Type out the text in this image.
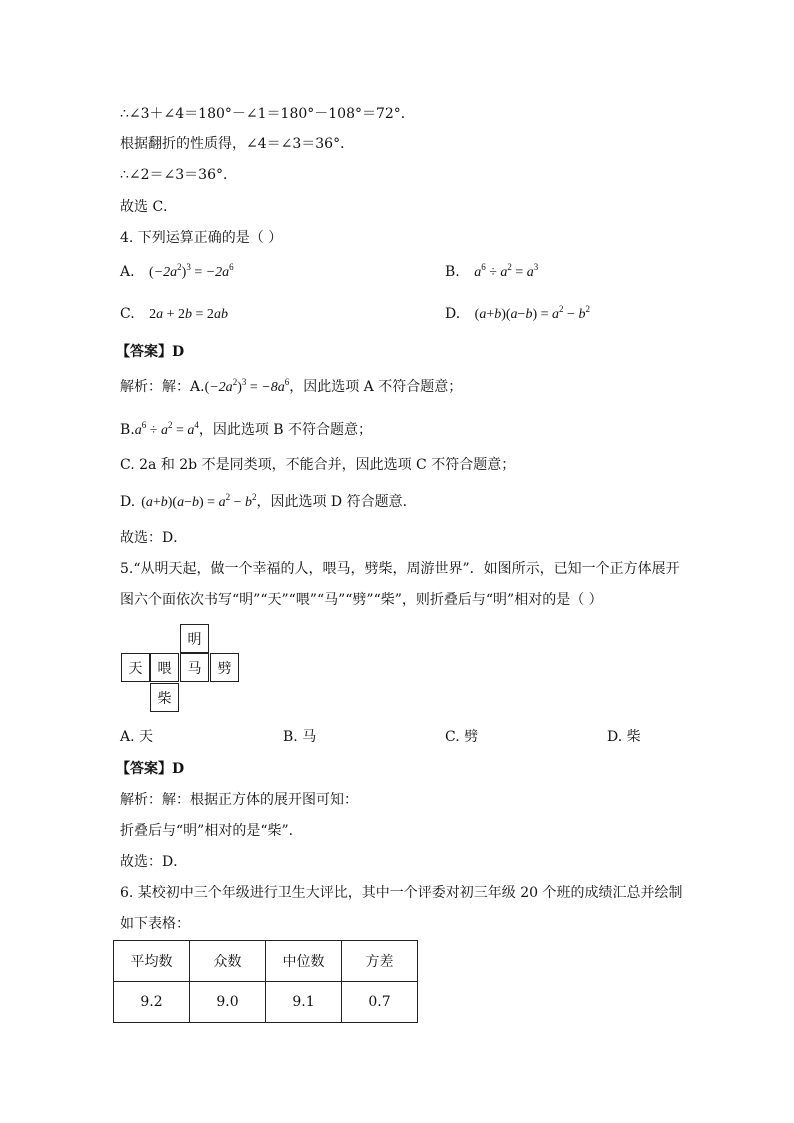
∴∠3＋∠4＝180°－∠1＝180°－108°＝72°．
根据翻折的性质得，∠4＝∠3＝36°．
∴∠2＝∠3＝36°．
故选 C．
4. 下列运算正确的是（ ）
A. $(-2a^2)^3 = -2a^6$	B. $a^6 \div a^2 = a^3$
C. 2a + 2b = 2ab	D. $(a+b)(a-b) = a^2 - b^2$
【答案】D
解析：解：$A.(-2a^2)^3 = -8a^6$，因此选项 A 不符合题意；
$B.a^6 \div a^2 = a^4$，因此选项 B 不符合题意；
C. 2a 和 2b 不是同类项，不能合并，因此选项 C 不符合题意；
D. $(a+b)(a-b) = a^2 - b^2$，因此选项 D 符合题意．
故选：D．
5.“从明天起，做一个幸福的人，喂马，劈柴，周游世界”．如图所示，已知一个正方体展开
图六个面依次书写“明”“天”“喂”“马”“劈”“柴”，则折叠后与“明”相对的是（ ）
明
天	喂	马	劈
柴
A. 天	B. 马	C. 劈	D. 柴
【答案】D
解析：解：根据正方体的展开图可知：
折叠后与“明”相对的是“柴”．
故选：D．
6. 某校初中三个年级进行卫生大评比，其中一个评委对初三年级 20 个班的成绩汇总并绘制
如下表格：
平均数	众数	中位数	方差
9.2	9.0	9.1	0.7
